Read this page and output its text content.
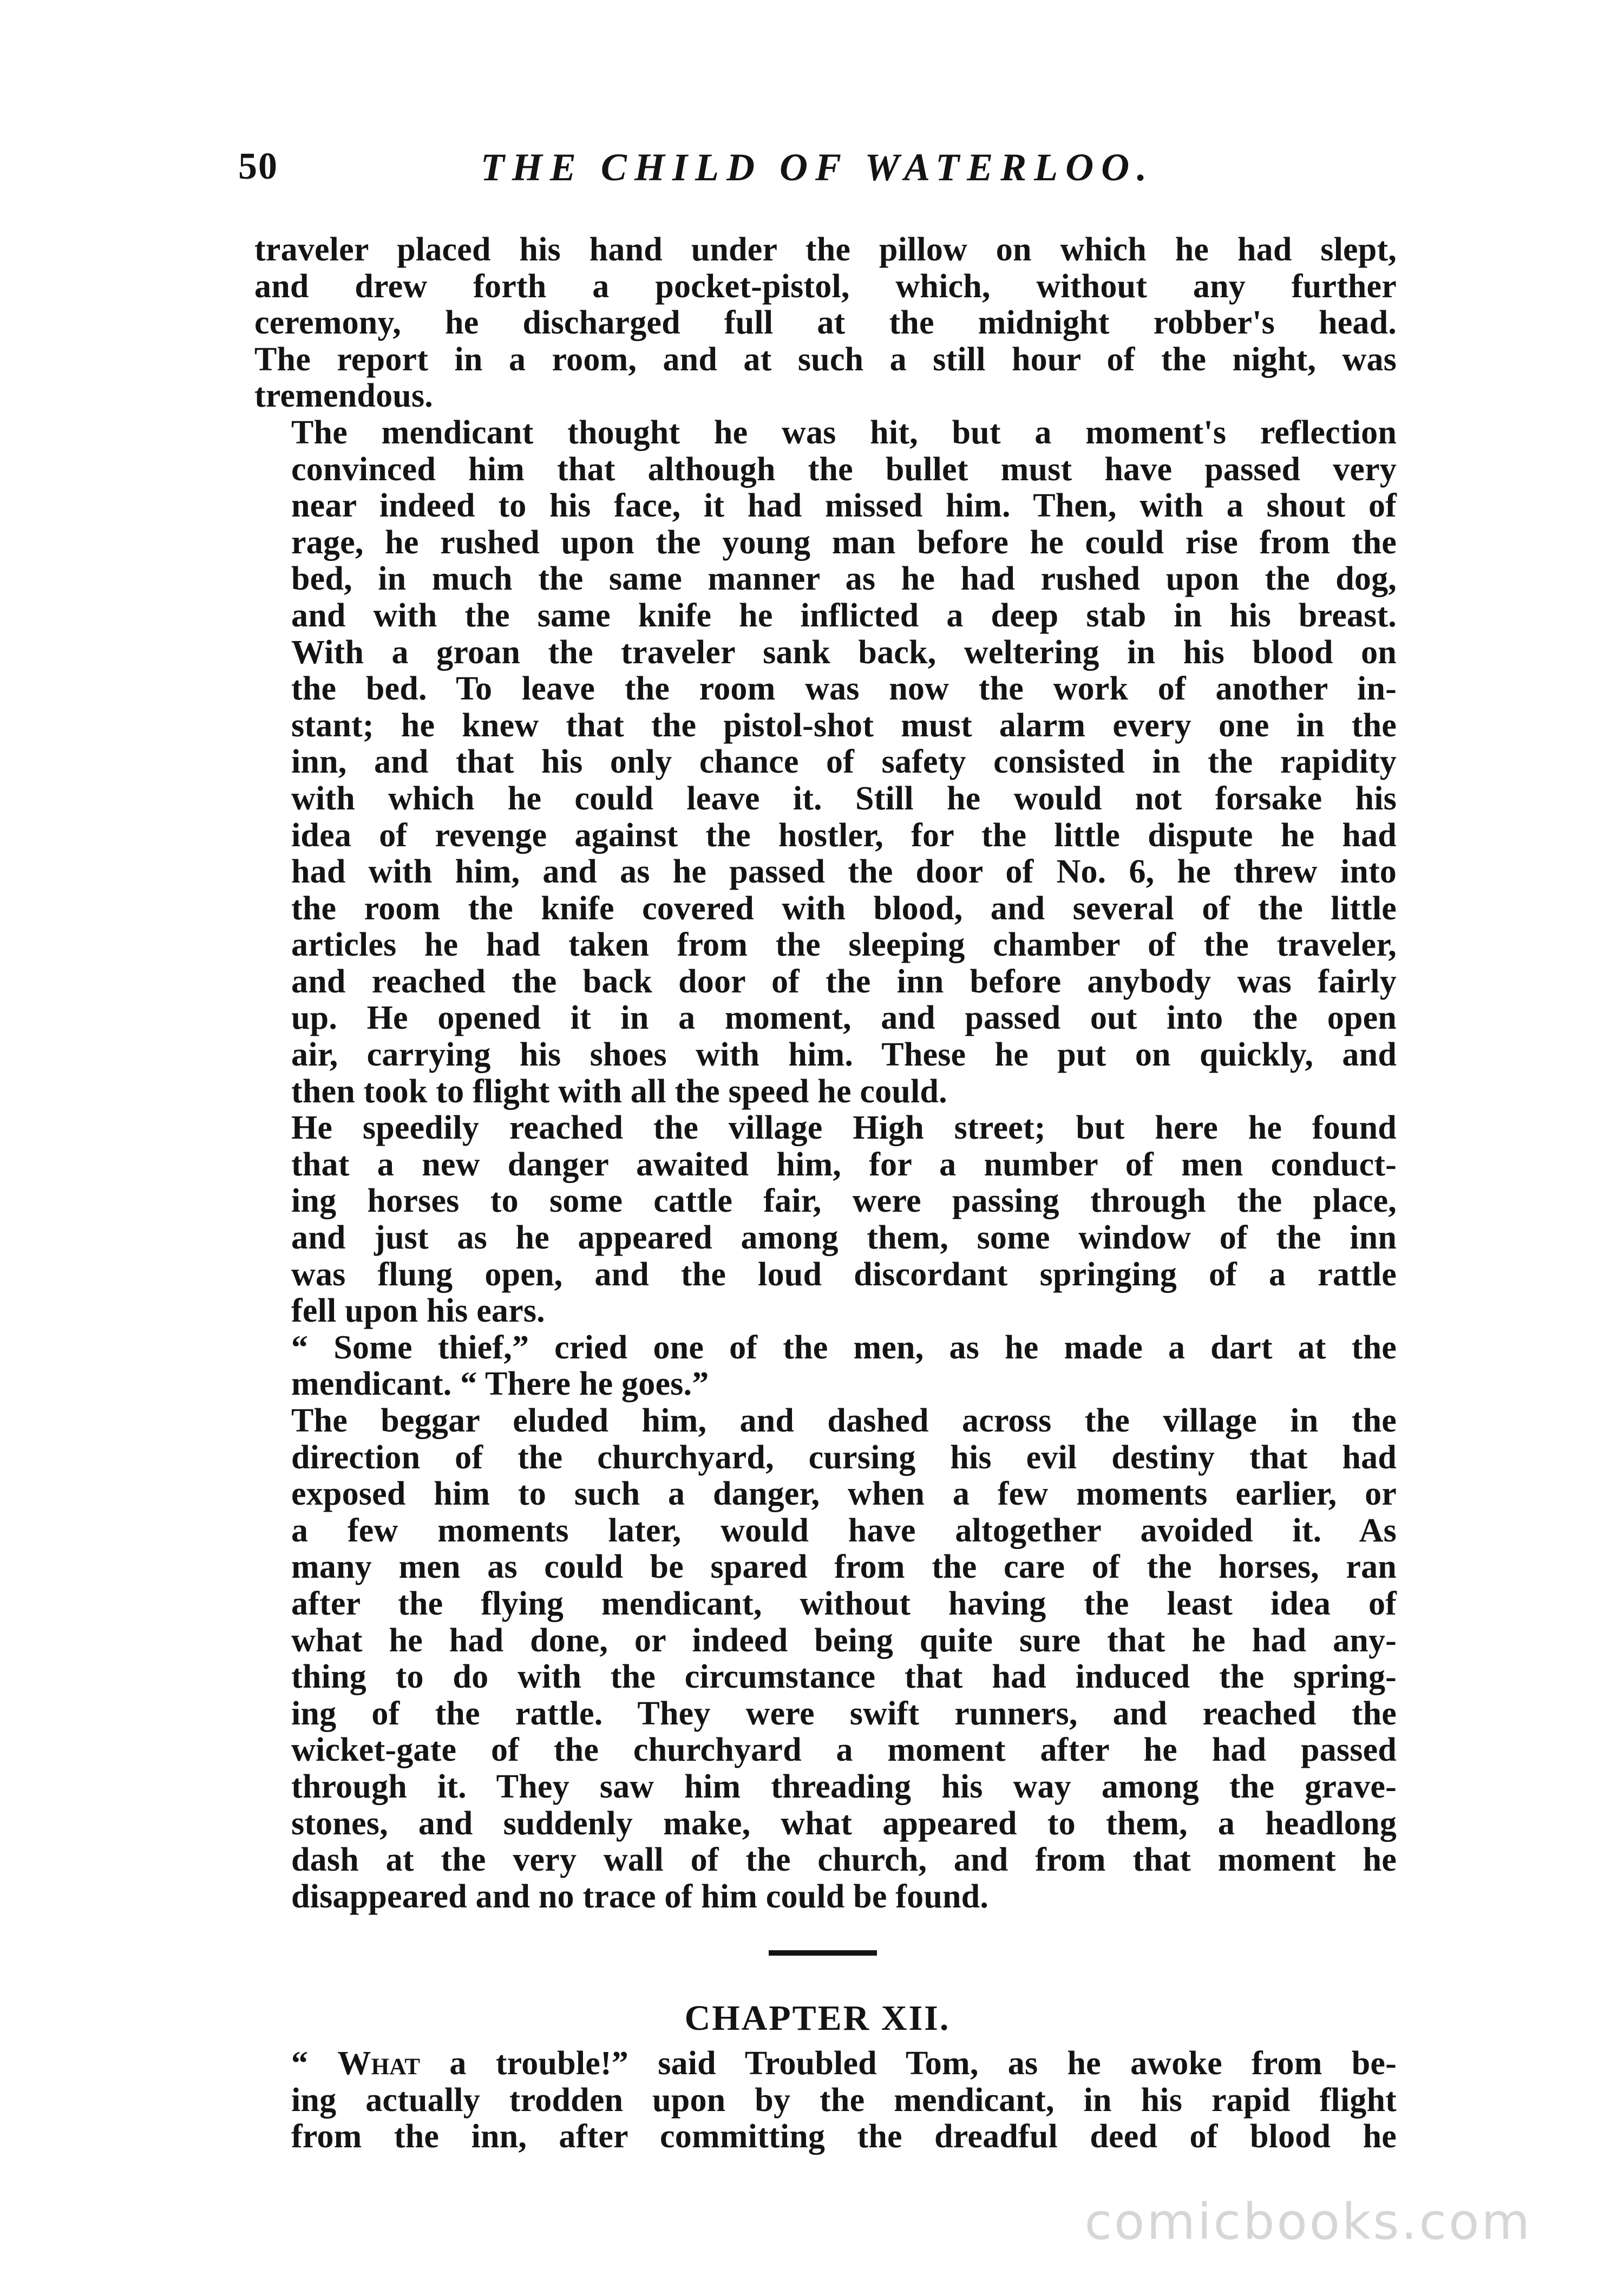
50	THE CHILD OF WATERLOO.

traveler placed his hand under the pillow on which he had slept,
and drew forth a pocket-pistol, which, without any further
ceremony, he discharged full at the midnight robber's head.
The report in a room, and at such a still hour of the night, was
tremendous.

The mendicant thought he was hit, but a moment's reflection
convinced him that although the bullet must have passed very
near indeed to his face, it had missed him. Then, with a shout of
rage, he rushed upon the young man before he could rise from the
bed, in much the same manner as he had rushed upon the dog,
and with the same knife he inflicted a deep stab in his breast.
With a groan the traveler sank back, weltering in his blood on
the bed. To leave the room was now the work of another in-
stant; he knew that the pistol-shot must alarm every one in the
inn, and that his only chance of safety consisted in the rapidity
with which he could leave it. Still he would not forsake his
idea of revenge against the hostler, for the little dispute he had
had with him, and as he passed the door of No. 6, he threw into
the room the knife covered with blood, and several of the little
articles he had taken from the sleeping chamber of the traveler,
and reached the back door of the inn before anybody was fairly
up. He opened it in a moment, and passed out into the open
air, carrying his shoes with him. These he put on quickly, and
then took to flight with all the speed he could.

He speedily reached the village High street; but here he found
that a new danger awaited him, for a number of men conduct-
ing horses to some cattle fair, were passing through the place,
and just as he appeared among them, some window of the inn
was flung open, and the loud discordant springing of a rattle
fell upon his ears.

“ Some thief,” cried one of the men, as he made a dart at the
mendicant. “ There he goes.”

The beggar eluded him, and dashed across the village in the
direction of the churchyard, cursing his evil destiny that had
exposed him to such a danger, when a few moments earlier, or
a few moments later, would have altogether avoided it. As
many men as could be spared from the care of the horses, ran
after the flying mendicant, without having the least idea of
what he had done, or indeed being quite sure that he had any-
thing to do with the circumstance that had induced the spring-
ing of the rattle. They were swift runners, and reached the
wicket-gate of the churchyard a moment after he had passed
through it. They saw him threading his way among the grave-
stones, and suddenly make, what appeared to them, a headlong
dash at the very wall of the church, and from that moment he
disappeared and no trace of him could be found.

CHAPTER XII.

“ What a trouble!” said Troubled Tom, as he awoke from be-
ing actually trodden upon by the mendicant, in his rapid flight
from the inn, after committing the dreadful deed of blood he

comicbooks.com
